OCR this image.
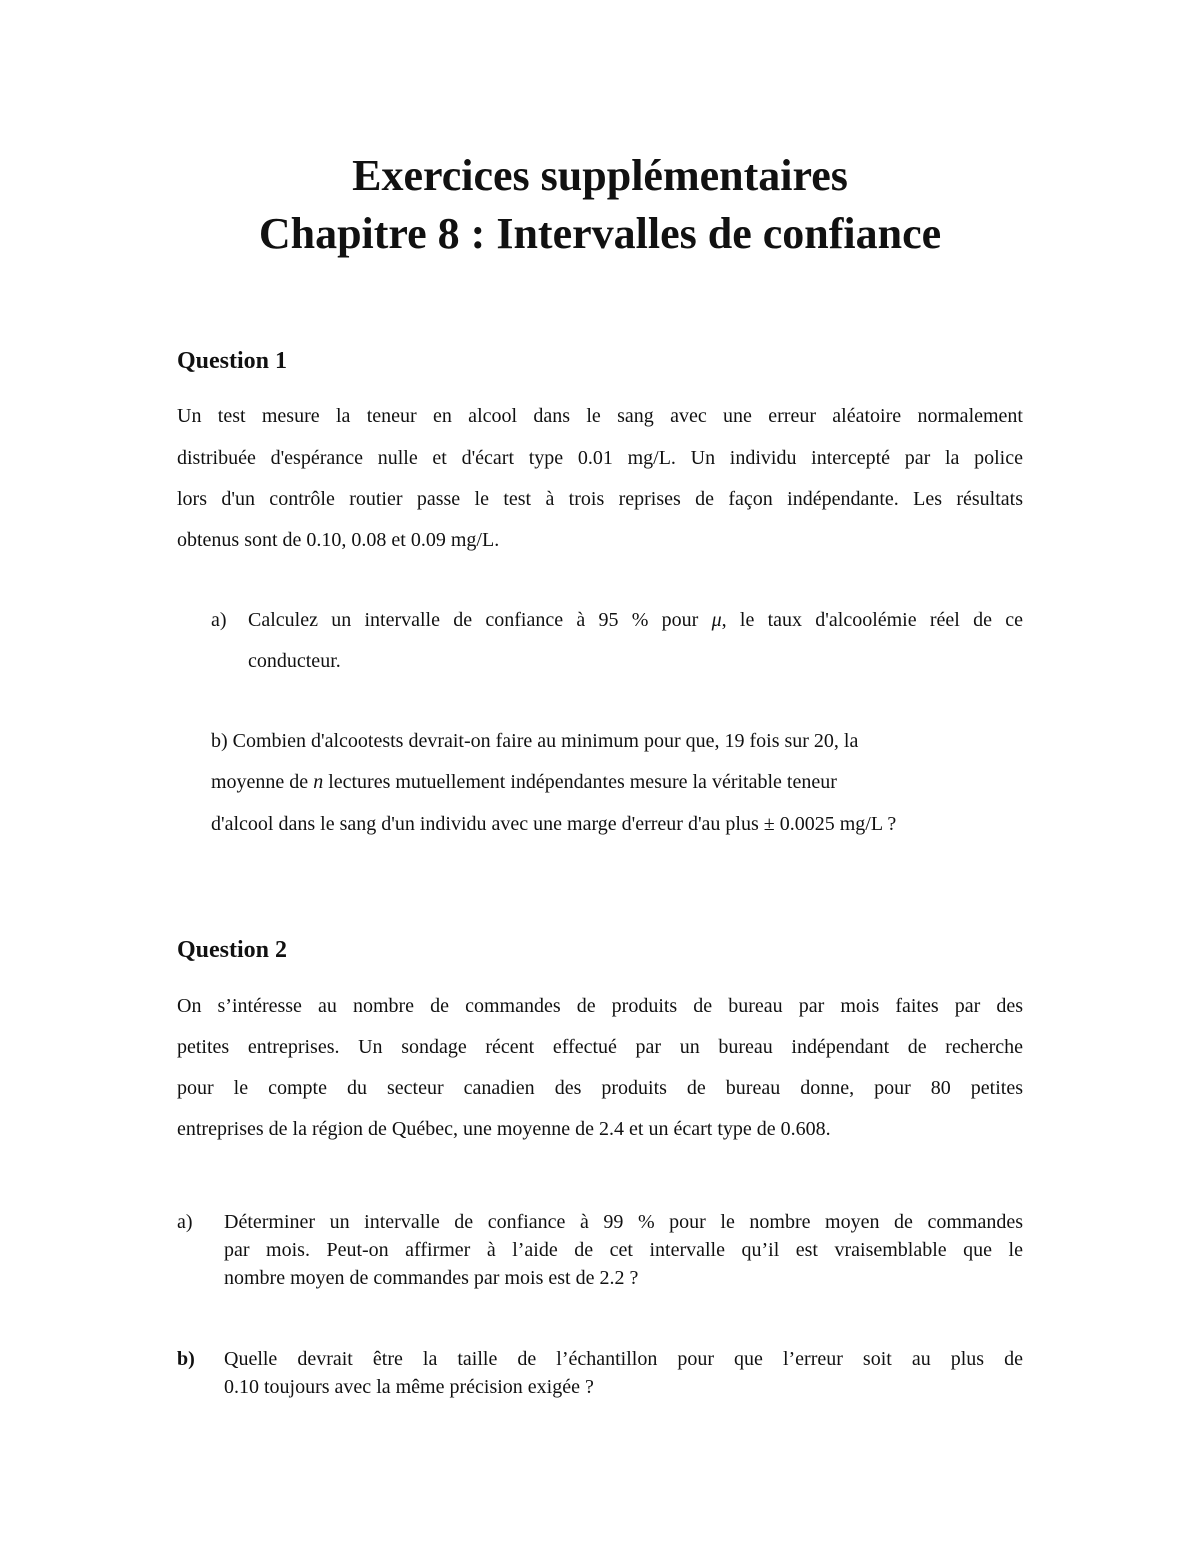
Exercices supplémentaires
Chapitre 8 : Intervalles de confiance
Question 1
Un test mesure la teneur en alcool dans le sang avec une erreur aléatoire normalement
distribuée d'espérance nulle et d'écart type 0.01 mg/L. Un individu intercepté par la police
lors d'un contrôle routier passe le test à trois reprises de façon indépendante. Les résultats
obtenus sont de 0.10, 0.08 et 0.09 mg/L.
a) Calculez un intervalle de confiance à 95 % pour μ, le taux d'alcoolémie réel de ce
conducteur.
b) Combien d'alcootests devrait-on faire au minimum pour que, 19 fois sur 20, la
moyenne de n lectures mutuellement indépendantes mesure la véritable teneur
d'alcool dans le sang d'un individu avec une marge d'erreur d'au plus ± 0.0025 mg/L ?
Question 2
On s’intéresse au nombre de commandes de produits de bureau par mois faites par des
petites entreprises. Un sondage récent effectué par un bureau indépendant de recherche
pour le compte du secteur canadien des produits de bureau donne, pour 80 petites
entreprises de la région de Québec, une moyenne de 2.4 et un écart type de 0.608.
a) Déterminer un intervalle de confiance à 99 % pour le nombre moyen de commandes
par mois. Peut-on affirmer à l’aide de cet intervalle qu’il est vraisemblable que le
nombre moyen de commandes par mois est de 2.2 ?
b) Quelle devrait être la taille de l’échantillon pour que l’erreur soit au plus de
0.10 toujours avec la même précision exigée ?
